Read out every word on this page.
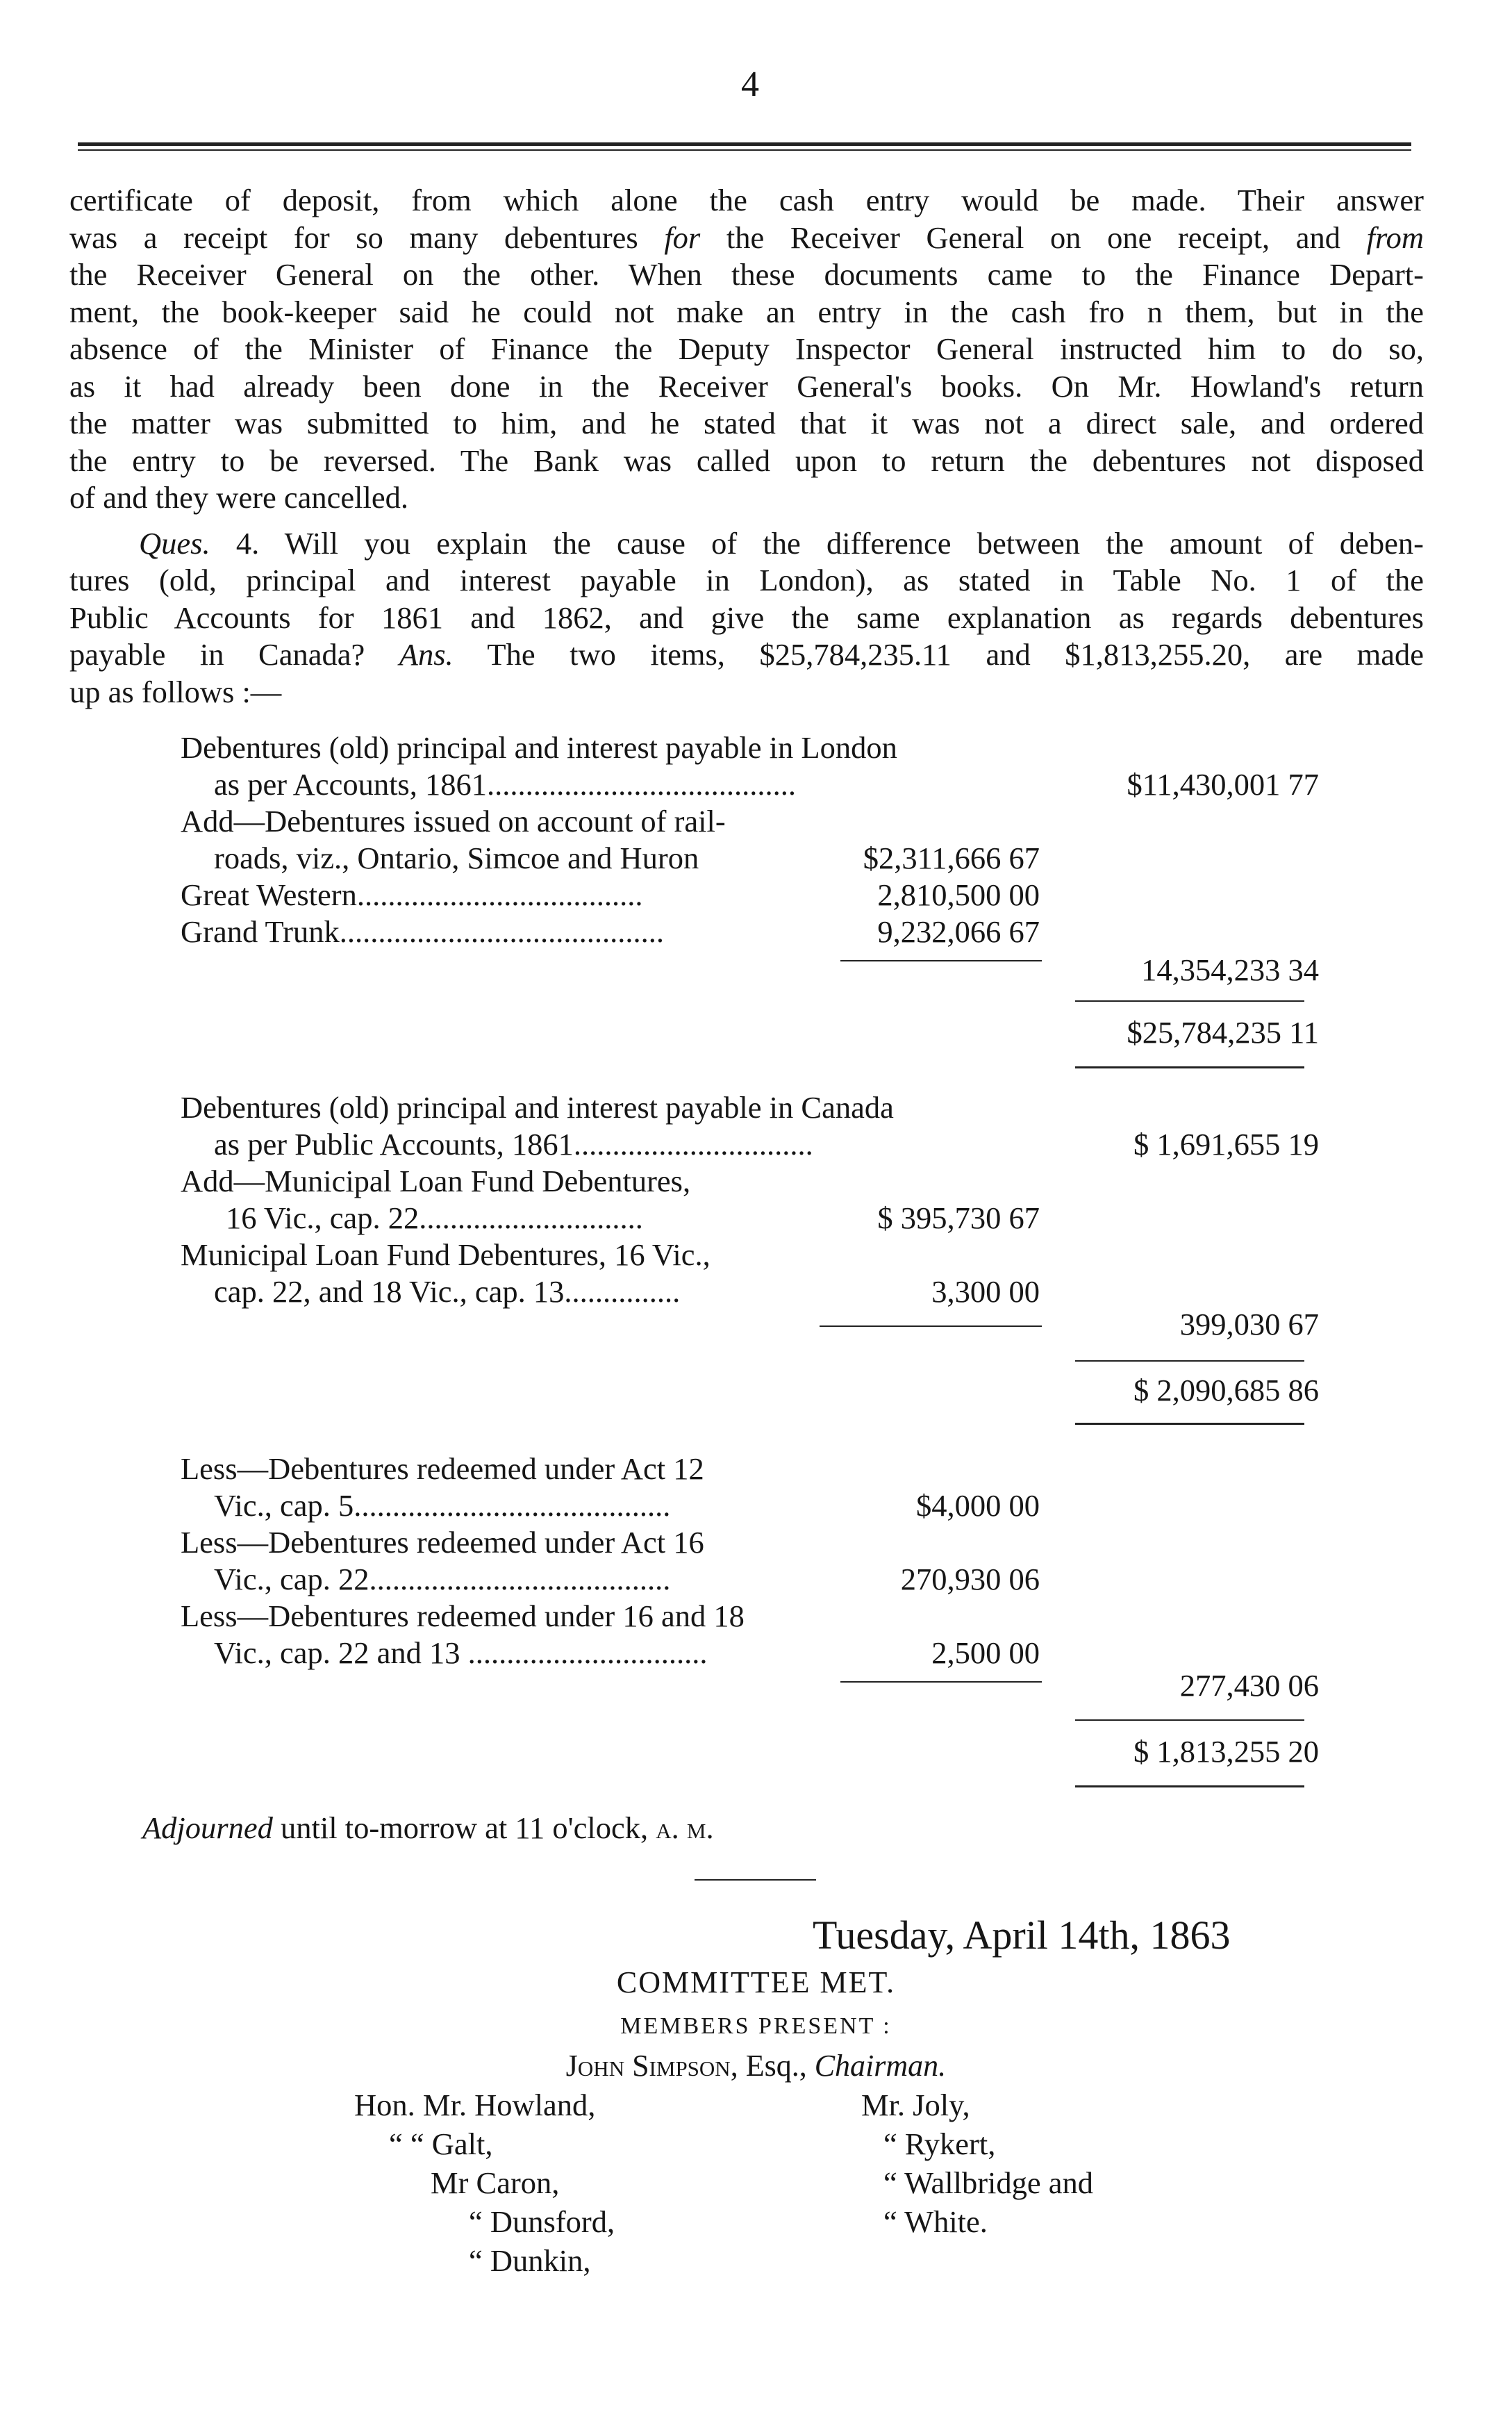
4

certificate of deposit, from which alone the cash entry would be made. Their answer

was a receipt for so many debentures for the Receiver General on one receipt, and from

the Receiver General on the other. When these documents came to the Finance Depart-

ment, the book-keeper said he could not make an entry in the cash fro n them, but in the

absence of the Minister of Finance the Deputy Inspector General instructed him to do so,

as it had already been done in the Receiver General's books. On Mr. Howland's return

the matter was submitted to him, and he stated that it was not a direct sale, and ordered

the entry to be reversed. The Bank was called upon to return the debentures not disposed

of and they were cancelled.

Ques. 4. Will you explain the cause of the difference between the amount of deben-

tures (old, principal and interest payable in London), as stated in Table No. 1 of the

Public Accounts for 1861 and 1862, and give the same explanation as regards debentures

payable in Canada? Ans. The two items, $25,784,235.11 and $1,813,255.20, are made

up as follows :—

Debentures (old) principal and interest payable in London
as per Accounts, 1861........................................	$11,430,001 77
Add—Debentures issued on account of rail-
roads, viz., Ontario, Simcoe and Huron	$2,311,666 67
Great Western.....................................	2,810,500 00
Grand Trunk..........................................	9,232,066 67
14,354,233 34
$25,784,235 11
Debentures (old) principal and interest payable in Canada
as per Public Accounts, 1861...............................	$ 1,691,655 19
Add—Municipal Loan Fund Debentures,
16 Vic., cap. 22.............................	$ 395,730 67
Municipal Loan Fund Debentures, 16 Vic.,
cap. 22, and 18 Vic., cap. 13...............	3,300 00
399,030 67
$ 2,090,685 86
Less—Debentures redeemed under Act 12
Vic., cap. 5.........................................	$4,000 00
Less—Debentures redeemed under Act 16
Vic., cap. 22.......................................	270,930 06
Less—Debentures redeemed under 16 and 18
Vic., cap. 22 and 13 ...............................	2,500 00
277,430 06
$ 1,813,255 20
Adjourned until to-morrow at 11 o'clock, a. m.
Tuesday, April 14th, 1863
COMMITTEE MET.
MEMBERS PRESENT :
John Simpson, Esq., Chairman.
Hon. Mr. Howland,
“ “ Galt,
Mr Caron,
“ Dunsford,
“ Dunkin,
Mr. Joly,
“ Rykert,
“ Wallbridge and
“ White.
